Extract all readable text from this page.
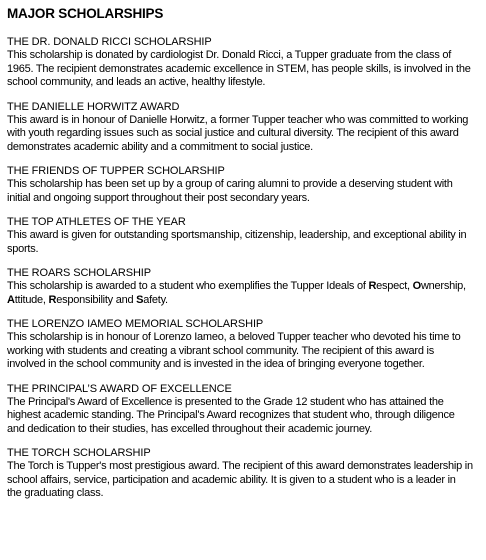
MAJOR SCHOLARSHIPS

THE DR. DONALD RICCI SCHOLARSHIP

This scholarship is donated by cardiologist Dr. Donald Ricci, a Tupper graduate from the class of 1965. The recipient demonstrates academic excellence in STEM, has people skills, is involved in the school community, and leads an active, healthy lifestyle.

THE DANIELLE HORWITZ AWARD

This award is in honour of Danielle Horwitz, a former Tupper teacher who was committed to working with youth regarding issues such as social justice and cultural diversity. The recipient of this award demonstrates academic ability and a commitment to social justice.

THE FRIENDS OF TUPPER SCHOLARSHIP

This scholarship has been set up by a group of caring alumni to provide a deserving student with initial and ongoing support throughout their post secondary years.

THE TOP ATHLETES OF THE YEAR

This award is given for outstanding sportsmanship, citizenship, leadership, and exceptional ability in sports.

THE ROARS SCHOLARSHIP

This scholarship is awarded to a student who exemplifies the Tupper Ideals of Respect, Ownership, Attitude, Responsibility and Safety.

THE LORENZO IAMEO MEMORIAL SCHOLARSHIP

This scholarship is in honour of Lorenzo Iameo, a beloved Tupper teacher who devoted his time to working with students and creating a vibrant school community. The recipient of this award is involved in the school community and is invested in the idea of bringing everyone together.

THE PRINCIPAL’S AWARD OF EXCELLENCE

The Principal's Award of Excellence is presented to the Grade 12 student who has attained the highest academic standing. The Principal's Award recognizes that student who, through diligence and dedication to their studies, has excelled throughout their academic journey.

THE TORCH SCHOLARSHIP

The Torch is Tupper's most prestigious award. The recipient of this award demonstrates leadership in school affairs, service, participation and academic ability. It is given to a student who is a leader in the graduating class.
